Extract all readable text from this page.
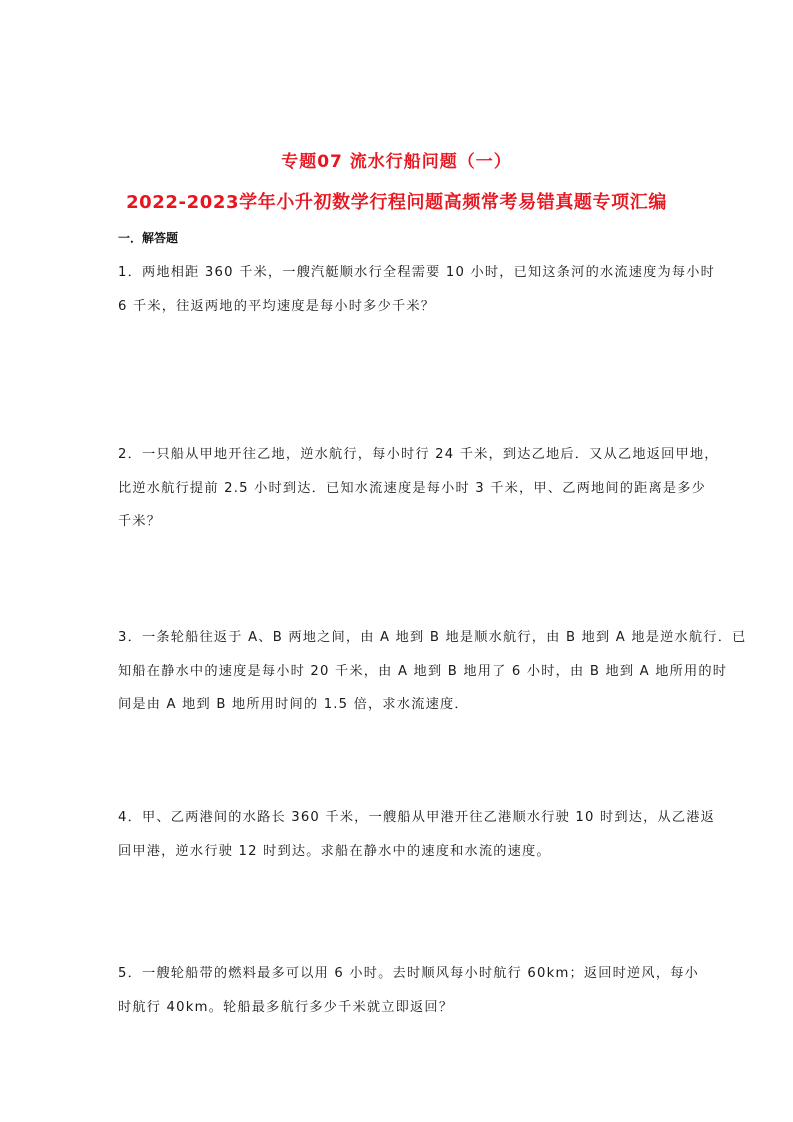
专题07 流水行船问题（一）
2022-2023学年小升初数学行程问题高频常考易错真题专项汇编
一．解答题
1．两地相距 360 千米，一艘汽艇顺水行全程需要 10 小时，已知这条河的水流速度为每小时
6 千米，往返两地的平均速度是每小时多少千米？
2．一只船从甲地开往乙地，逆水航行，每小时行 24 千米，到达乙地后．又从乙地返回甲地，
比逆水航行提前 2.5 小时到达．已知水流速度是每小时 3 千米，甲、乙两地间的距离是多少
千米？
3．一条轮船往返于 A、B 两地之间，由 A 地到 B 地是顺水航行，由 B 地到 A 地是逆水航行．已
知船在静水中的速度是每小时 20 千米，由 A 地到 B 地用了 6 小时，由 B 地到 A 地所用的时
间是由 A 地到 B 地所用时间的 1.5 倍，求水流速度．
4．甲、乙两港间的水路长 360 千米，一艘船从甲港开往乙港顺水行驶 10 时到达，从乙港返
回甲港，逆水行驶 12 时到达。求船在静水中的速度和水流的速度。
5．一艘轮船带的燃料最多可以用 6 小时。去时顺风每小时航行 60km；返回时逆风，每小
时航行 40km。轮船最多航行多少千米就立即返回？
